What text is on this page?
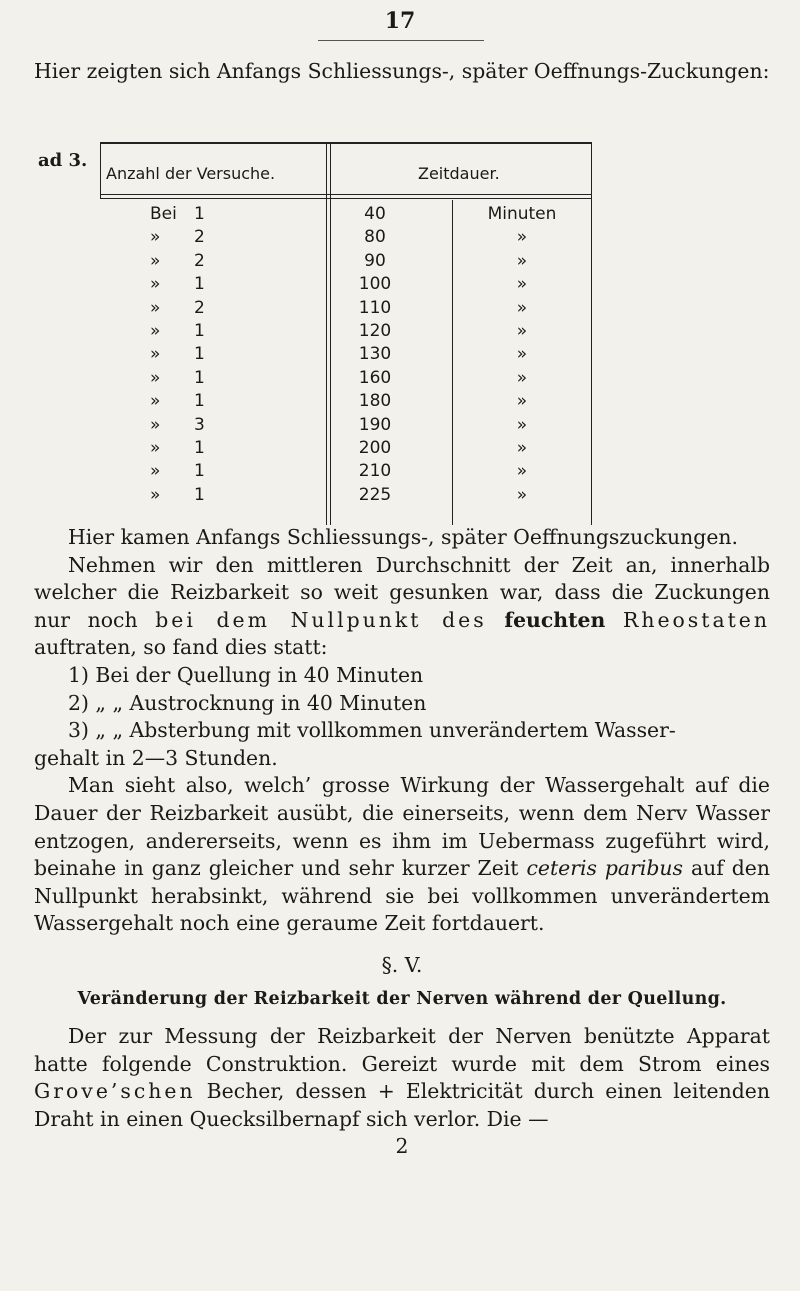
17
Hier zeigten sich Anfangs Schliessungs-, später Oeffnungs-Zuckungen:
ad 3.
Anzahl der Versuche.	Zeitdauer.
Bei 1	40	Minuten
» 2	80	»
» 2	90	»
» 1	100	»
» 2	110	»
» 1	120	»
» 1	130	»
» 1	160	»
» 1	180	»
» 3	190	»
» 1	200	»
» 1	210	»
» 1	225	»

Hier kamen Anfangs Schliessungs-, später Oeffnungszuckungen.

Nehmen wir den mittleren Durchschnitt der Zeit an, innerhalb welcher die Reizbarkeit so weit gesunken war, dass die Zuckungen nur noch bei dem Nullpunkt des feuchten Rheostaten auftraten, so fand dies statt:

1) Bei der Quellung in 40 Minuten

2) „ „ Austrocknung in 40 Minuten

3) „ „ Absterbung mit vollkommen unverändertem Wasser-

gehalt in 2—3 Stunden.

Man sieht also, welch’ grosse Wirkung der Wassergehalt auf die Dauer der Reizbarkeit ausübt, die einerseits, wenn dem Nerv Wasser entzogen, andererseits, wenn es ihm im Uebermass zugeführt wird, beinahe in ganz gleicher und sehr kurzer Zeit ceteris paribus auf den Nullpunkt herabsinkt, während sie bei vollkommen unverändertem Wassergehalt noch eine geraume Zeit fortdauert.

§. V.
Veränderung der Reizbarkeit der Nerven während der Quellung.

Der zur Messung der Reizbarkeit der Nerven benützte Apparat hatte folgende Construktion. Gereizt wurde mit dem Strom eines Grove’schen Becher, dessen + Elektricität durch einen leitenden Draht in einen Quecksilbernapf sich verlor. Die —

2
